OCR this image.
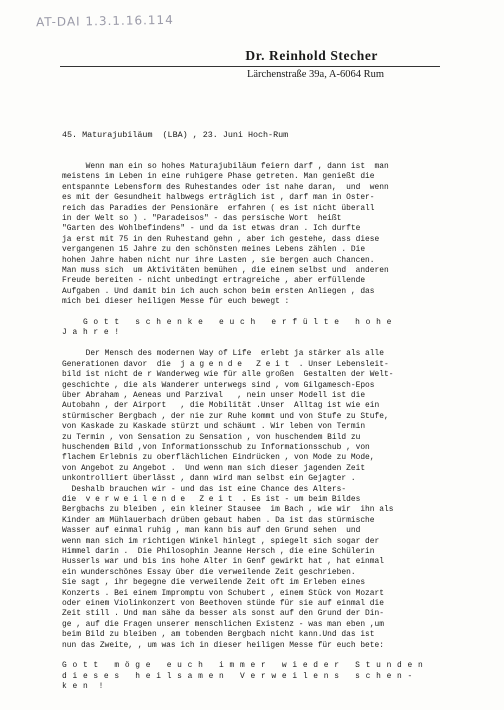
AT-DAI 1.3.1.16.114
Dr. Reinhold Stecher
Lärchenstraße 39a, A-6064 Rum
45. Maturajubiläum  (LBA) , 23. Juni Hoch-Rum
Wenn man ein so hohes Maturajubiläum feiern darf , dann ist  man
meistens im Leben in eine ruhigere Phase getreten. Man genießt die
entspannte Lebensform des Ruhestandes oder ist nahe daran,  und  wenn
es mit der Gesundheit halbwegs erträglich ist , darf man in Öster-
reich das Paradies der Pensionäre  erfahren ( es ist nicht überall
in der Welt so ) . "Paradeisos" - das persische Wort  heißt
"Garten des Wohlbefindens" - und da ist etwas dran . Ich durfte
ja erst mit 75 in den Ruhestand gehn , aber ich gestehe, dass diese
vergangenen 15 Jahre zu den schönsten meines Lebens zählen . Die
hohen Jahre haben nicht nur ihre Lasten , sie bergen auch Chancen.
Man muss sich  um Aktivitäten bemühen , die einem selbst und  anderen
Freude bereiten - nicht unbedingt ertragreiche , aber erfüllende
Aufgaben . Und damit bin ich auch schon beim ersten Anliegen , das
mich bei dieser heiligen Messe für euch bewegt :
G o t t   s c h e n k e   e u c h   e r f ü l t e   h o h e
J a h r e !
Der Mensch des modernen Way of Life  erlebt ja stärker als alle
Generationen davor  die  j a g e n d e   Z e i t  . Unser Lebensleit-
bild ist nicht de r Wanderweg wie für alle großen  Gestalten der Welt-
geschichte , die als Wanderer unterwegs sind , vom Gilgamesch-Epos
über Abraham , Aeneas und Parzival   , nein unser Modell ist die
Autobahn , der Airport   , die Mobilität .Unser  Alltag ist wie ein
stürmischer Bergbach , der nie zur Ruhe kommt und von Stufe zu Stufe,
von Kaskade zu Kaskade stürzt und schäumt . Wir leben von Termin
zu Termin , von Sensation zu Sensation , von huschendem Bild zu
huschendem Bild ,von Informationsschub zu Informationsschub , von
flachem Erlebnis zu oberflächlichen Eindrücken , von Mode zu Mode,
von Angebot zu Angebot .  Und wenn man sich dieser jagenden Zeit
unkontrolliert überlässt , dann wird man selbst ein Gejagter .
Deshalb brauchen wir - und das ist eine Chance des Alters-
die  v e r w e i l e n d e   Z e i t  . Es ist - um beim Bildes
Bergbachs zu bleiben , ein kleiner Stausee  im Bach , wie wir  ihn als
Kinder am Mühlauerbach drüben gebaut haben . Da ist das stürmische
Wasser auf einmal ruhig , man kann bis auf den Grund sehen  und
wenn man sich im richtigen Winkel hinlegt , spiegelt sich sogar der
Himmel darin .  Die Philosophin Jeanne Hersch , die eine Schülerin
Husserls war und bis ins hohe Alter in Genf gewirkt hat , hat einmal
ein wunderschönes Essay über die verweilende Zeit geschrieben.
Sie sagt , ihr begegne die verweilende Zeit oft im Erleben eines
Konzerts . Bei einem Impromptu von Schubert , einem Stück von Mozart
oder einem Violinkonzert von Beethoven stünde für sie auf einmal die
Zeit still . Und man sähe da besser als sonst auf den Grund der Din-
ge , auf die Fragen unserer menschlichen Existenz - was man eben ,um
beim Bild zu bleiben , am tobenden Bergbach nicht kann.Und das ist
nun das Zweite, , um was ich in dieser heiligen Messe für euch bete:
G o t t   m ö g e   e u c h   i m m e r   w i e d e r   S t u n d e n
d i e s e s   h e i l s a m e n   V e r w e i l e n s   s c h e n -
k e n  !
